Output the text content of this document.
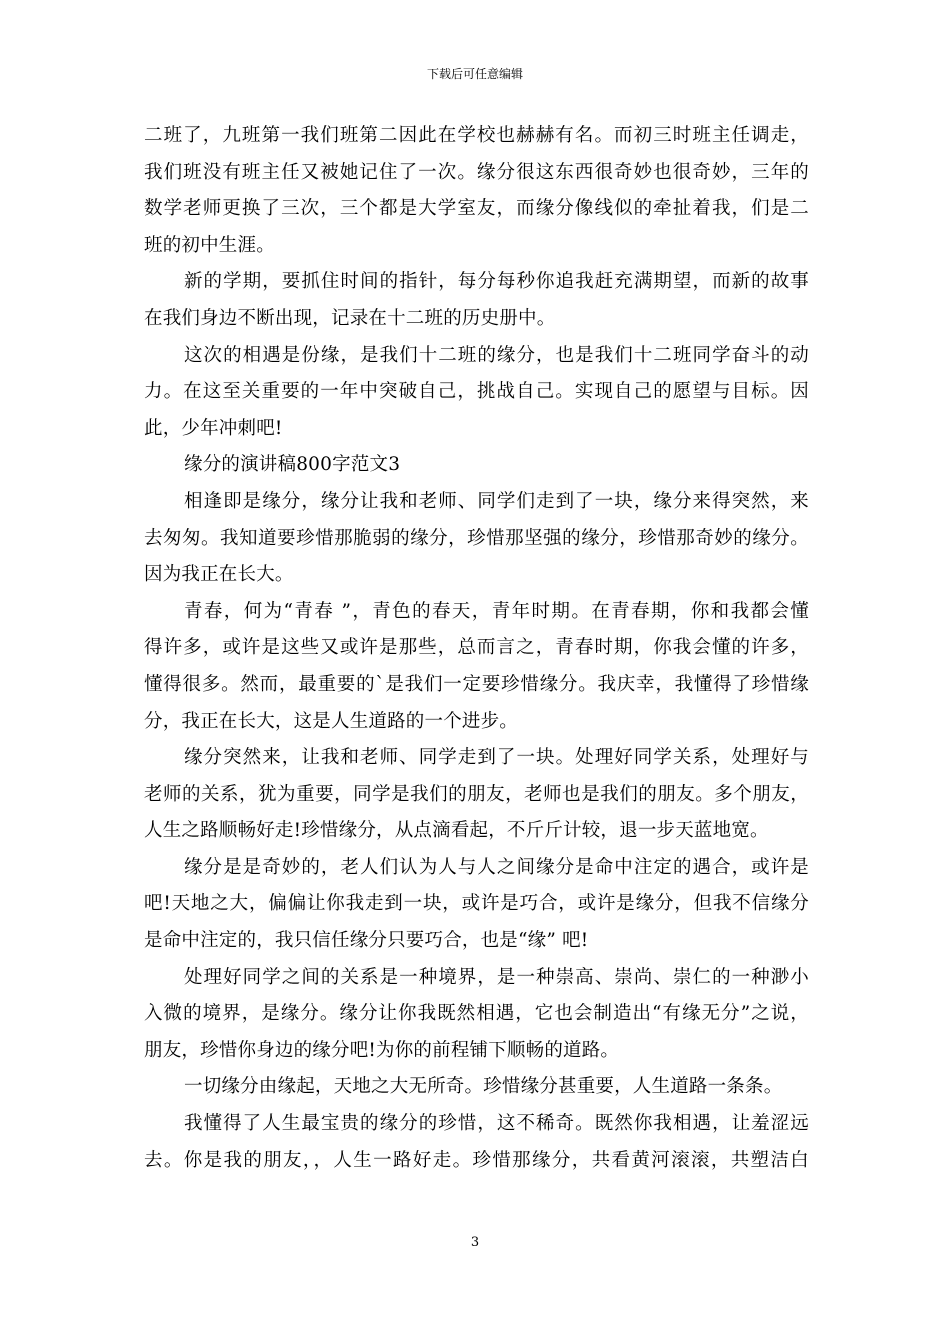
下载后可任意编辑
二班了，九班第一我们班第二因此在学校也赫赫有名。而初三时班主任调走，
我们班没有班主任又被她记住了一次。缘分很这东西很奇妙也很奇妙，三年的
数学老师更换了三次，三个都是大学室友，而缘分像线似的牵扯着我，们是二
班的初中生涯。
新的学期，要抓住时间的指针，每分每秒你追我赶充满期望，而新的故事
在我们身边不断出现，记录在十二班的历史册中。
这次的相遇是份缘，是我们十二班的缘分，也是我们十二班同学奋斗的动
力。在这至关重要的一年中突破自己，挑战自己。实现自己的愿望与目标。因
此，少年冲刺吧!
缘分的演讲稿800字范文3
相逢即是缘分，缘分让我和老师、同学们走到了一块，缘分来得突然，来
去匆匆。我知道要珍惜那脆弱的缘分，珍惜那坚强的缘分，珍惜那奇妙的缘分。
因为我正在长大。
青春，何为“青春 ”，青色的春天，青年时期。在青春期，你和我都会懂
得许多，或许是这些又或许是那些，总而言之，青春时期，你我会懂的许多，
懂得很多。然而，最重要的`是我们一定要珍惜缘分。我庆幸，我懂得了珍惜缘
分，我正在长大，这是人生道路的一个进步。
缘分突然来，让我和老师、同学走到了一块。处理好同学关系，处理好与
老师的关系，犹为重要，同学是我们的朋友，老师也是我们的朋友。多个朋友，
人生之路顺畅好走!珍惜缘分，从点滴看起，不斤斤计较，退一步天蓝地宽。
缘分是是奇妙的，老人们认为人与人之间缘分是命中注定的遇合，或许是
吧!天地之大，偏偏让你我走到一块，或许是巧合，或许是缘分，但我不信缘分
是命中注定的，我只信任缘分只要巧合，也是“缘” 吧!
处理好同学之间的关系是一种境界，是一种崇高、崇尚、崇仁的一种渺小
入微的境界，是缘分。缘分让你我既然相遇，它也会制造出“有缘无分”之说，
朋友，珍惜你身边的缘分吧!为你的前程铺下顺畅的道路。
一切缘分由缘起，天地之大无所奇。珍惜缘分甚重要，人生道路一条条。
我懂得了人生最宝贵的缘分的珍惜，这不稀奇。既然你我相遇，让羞涩远
去。你是我的朋友，，人生一路好走。珍惜那缘分，共看黄河滚滚，共塑洁白
3
